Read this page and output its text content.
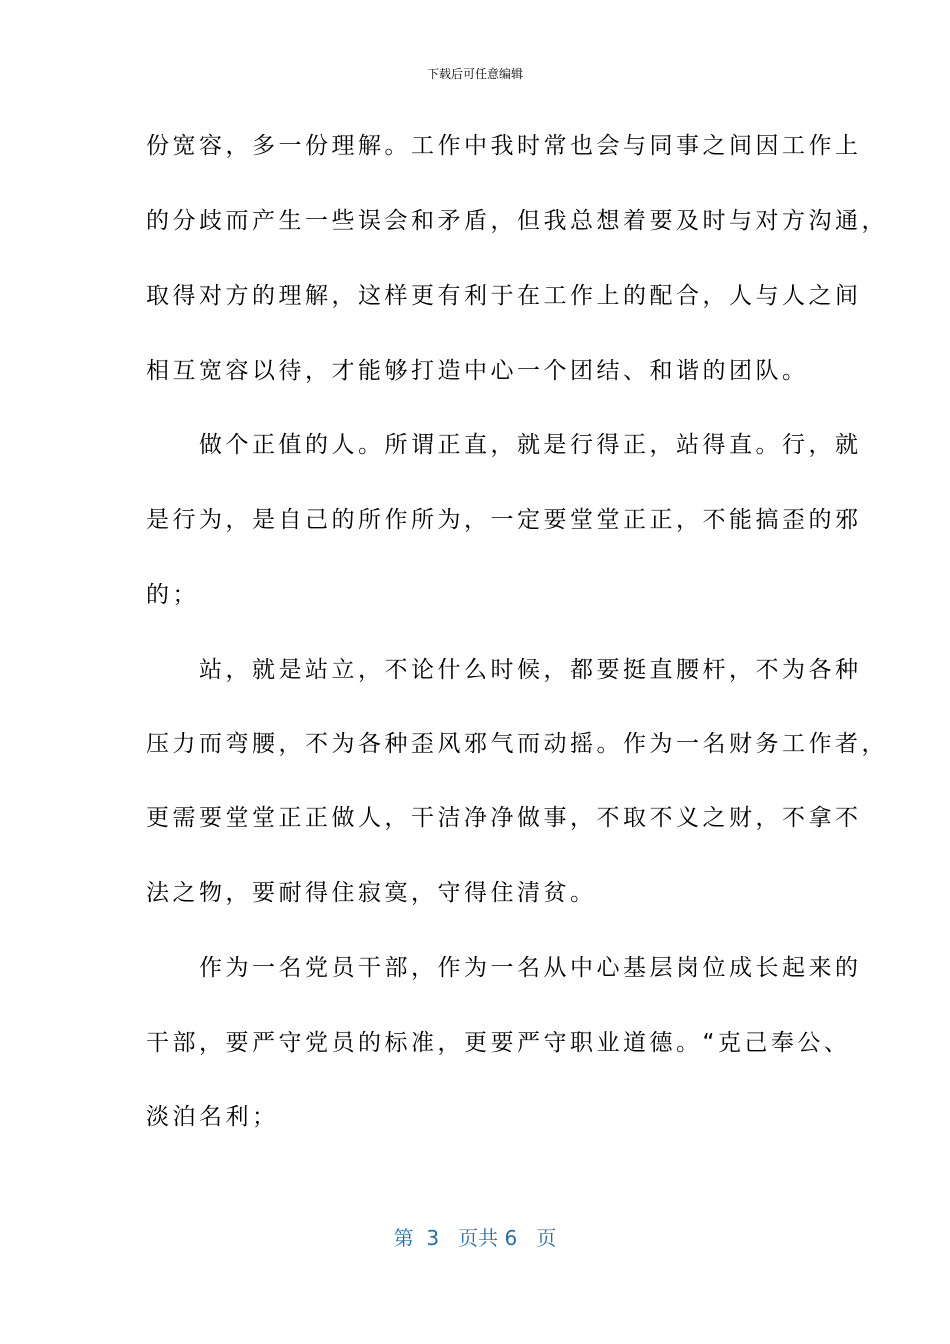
下载后可任意编辑
份宽容，多一份理解。工作中我时常也会与同事之间因工作上
的分歧而产生一些误会和矛盾，但我总想着要及时与对方沟通，
取得对方的理解，这样更有利于在工作上的配合，人与人之间
相互宽容以待，才能够打造中心一个团结、和谐的团队。
　　做个正值的人。所谓正直，就是行得正，站得直。行，就
是行为，是自己的所作所为，一定要堂堂正正，不能搞歪的邪
的；
　　站，就是站立，不论什么时候，都要挺直腰杆，不为各种
压力而弯腰，不为各种歪风邪气而动摇。作为一名财务工作者，
更需要堂堂正正做人，干洁净净做事，不取不义之财，不拿不
法之物，要耐得住寂寞，守得住清贫。
　　作为一名党员干部，作为一名从中心基层岗位成长起来的
干部，要严守党员的标准，更要严守职业道德。“克己奉公、
淡泊名利；
第  3   页共 6   页
